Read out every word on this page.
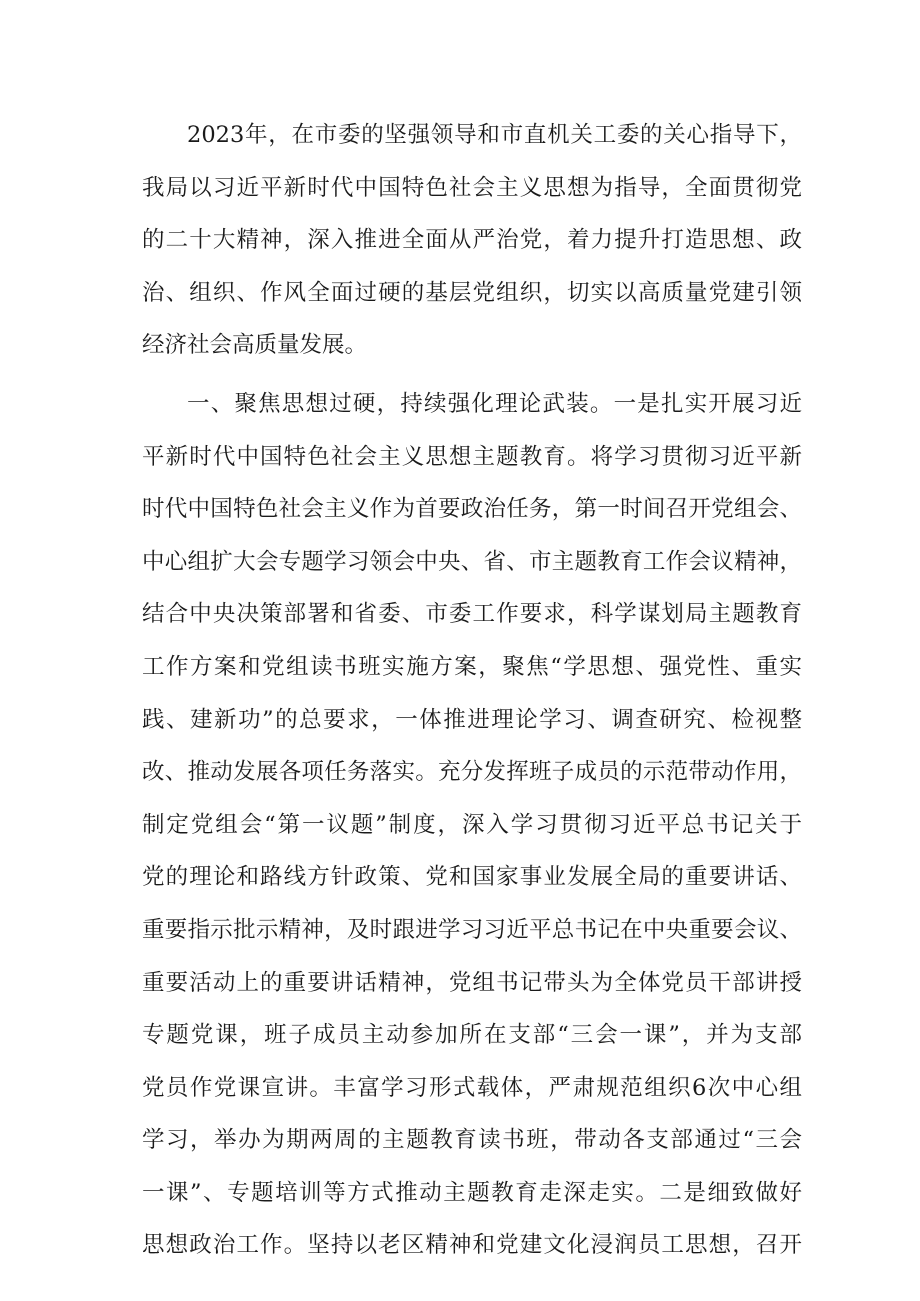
2023年，在市委的坚强领导和市直机关工委的关心指导下，
我局以习近平新时代中国特色社会主义思想为指导，全面贯彻党
的二十大精神，深入推进全面从严治党，着力提升打造思想、政
治、组织、作风全面过硬的基层党组织，切实以高质量党建引领
经济社会高质量发展。
一、聚焦思想过硬，持续强化理论武装。一是扎实开展习近
平新时代中国特色社会主义思想主题教育。将学习贯彻习近平新
时代中国特色社会主义作为首要政治任务，第一时间召开党组会、
中心组扩大会专题学习领会中央、省、市主题教育工作会议精神，
结合中央决策部署和省委、市委工作要求，科学谋划局主题教育
工作方案和党组读书班实施方案，聚焦“学思想、强党性、重实
践、建新功”的总要求，一体推进理论学习、调查研究、检视整
改、推动发展各项任务落实。充分发挥班子成员的示范带动作用，
制定党组会“第一议题”制度，深入学习贯彻习近平总书记关于
党的理论和路线方针政策、党和国家事业发展全局的重要讲话、
重要指示批示精神，及时跟进学习习近平总书记在中央重要会议、
重要活动上的重要讲话精神，党组书记带头为全体党员干部讲授
专题党课，班子成员主动参加所在支部“三会一课”，并为支部
党员作党课宣讲。丰富学习形式载体，严肃规范组织6次中心组
学习，举办为期两周的主题教育读书班，带动各支部通过“三会
一课”、专题培训等方式推动主题教育走深走实。二是细致做好
思想政治工作。坚持以老区精神和党建文化浸润员工思想，召开
